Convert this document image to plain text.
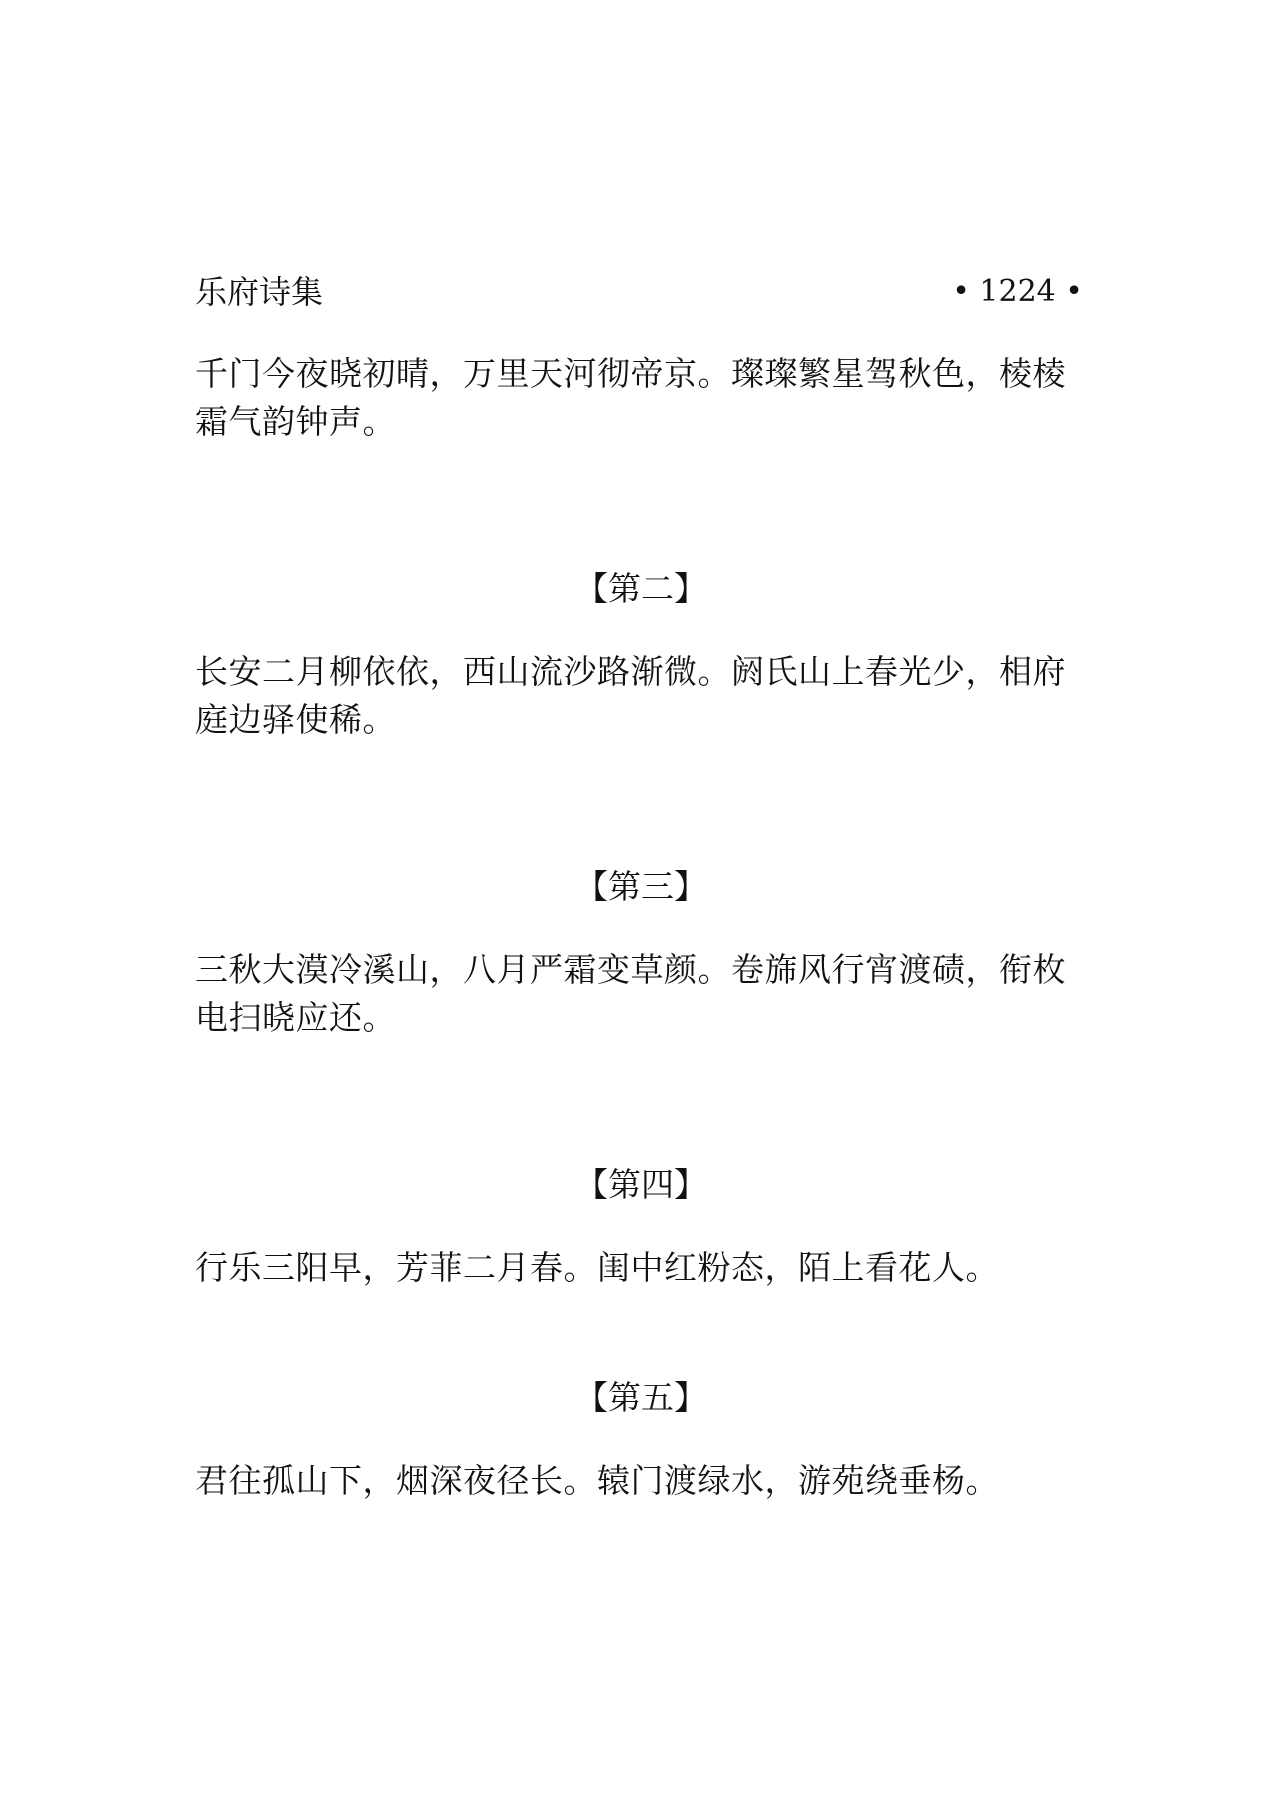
乐府诗集	• 1224 •

千门今夜晓初晴，万里天河彻帝京。璨璨繁星驾秋色，棱棱霜气韵钟声。

【第二】

长安二月柳依依，西山流沙路渐微。阏氏山上春光少，相府庭边驿使稀。

【第三】

三秋大漠冷溪山，八月严霜变草颜。卷旆风行宵渡碛，衔枚电扫晓应还。

【第四】

行乐三阳早，芳菲二月春。闺中红粉态，陌上看花人。

【第五】

君往孤山下，烟深夜径长。辕门渡绿水，游苑绕垂杨。
